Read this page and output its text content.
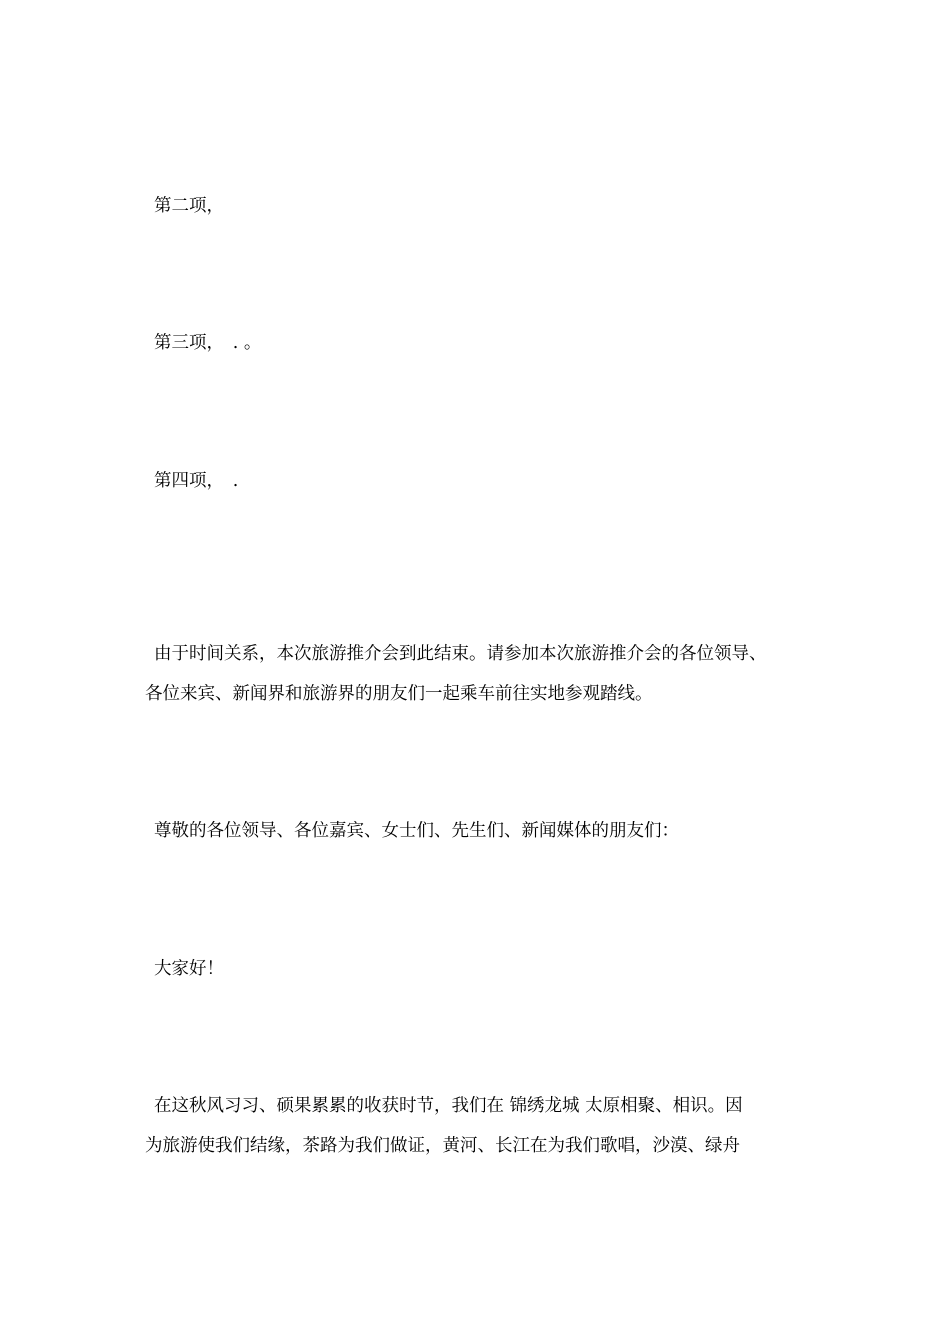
第二项，
第三项，　. 。
第四项，　.
由于时间关系，本次旅游推介会到此结束。请参加本次旅游推介会的各位领导、
各位来宾、新闻界和旅游界的朋友们一起乘车前往实地参观踏线。
尊敬的各位领导、各位嘉宾、女士们、先生们、新闻媒体的朋友们：
大家好！
在这秋风习习、硕果累累的收获时节，我们在 锦绣龙城 太原相聚、相识。因
为旅游使我们结缘，茶路为我们做证，黄河、长江在为我们歌唱，沙漠、绿舟
